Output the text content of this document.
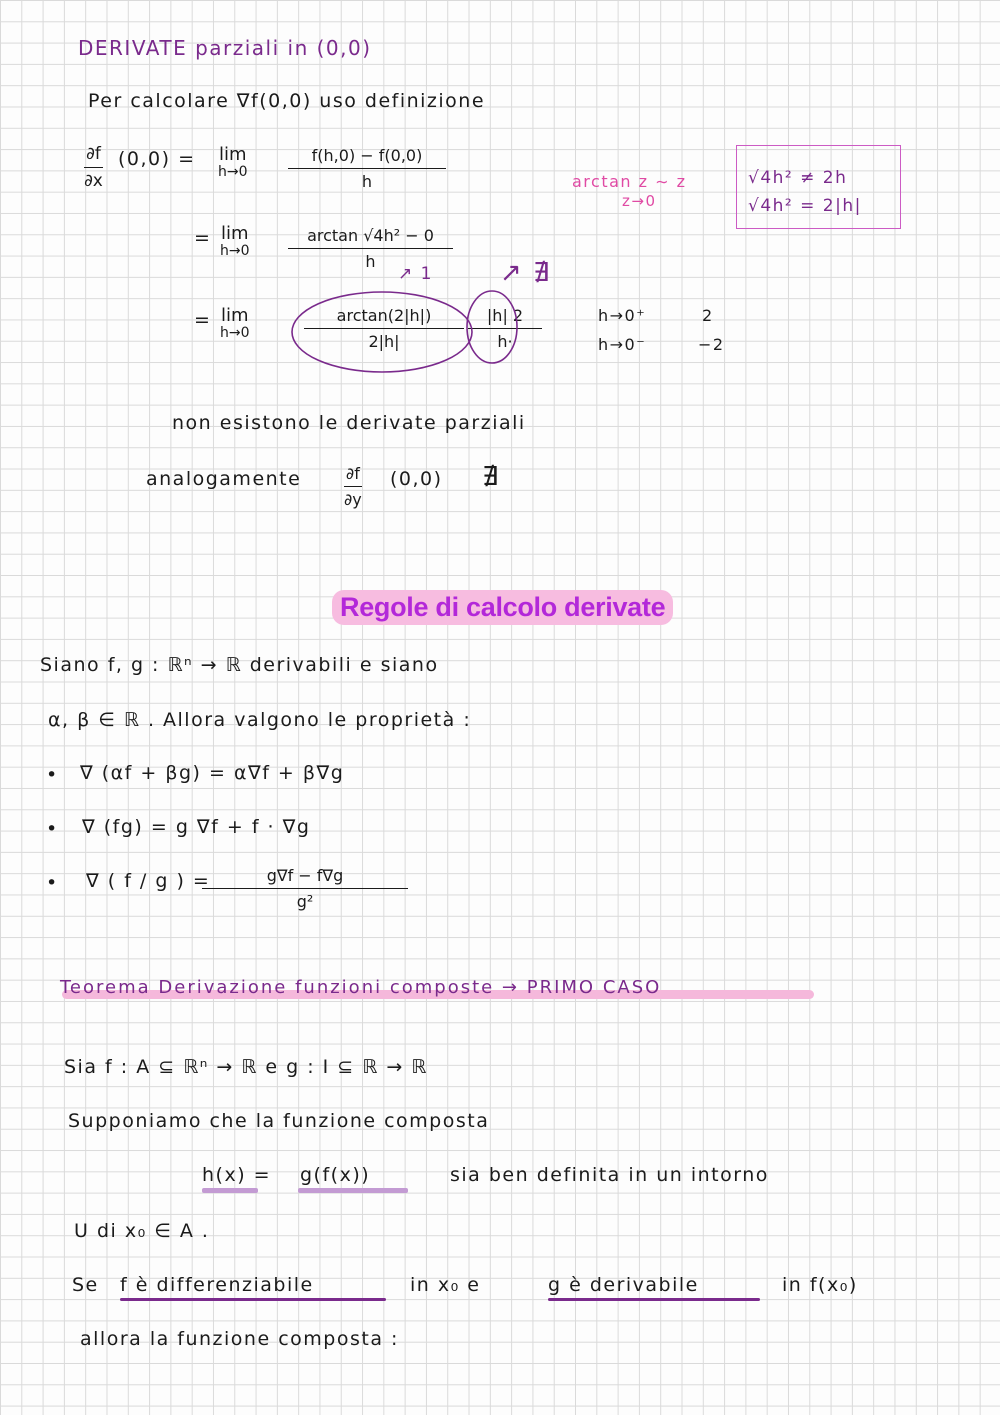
DERIVATE parziali in (0,0)
Per calcolare ∇f(0,0) uso definizione
∂f
∂x
(0,0) = lim
h→0
f(h,0) − f(0,0)
h
= lim
h→0
arctan √4h² − 0
h
= lim
h→0
arctan(2|h|)
2|h|
|h| 2
h·
↗ 1	↗ ∄
arctan z ∼ z
z→0
√4h² ≠ 2h
√4h² = 2|h|
h→0⁺	2
h→0⁻	−2
non esistono le derivate parziali
analogamente	∂f
∂y
(0,0) ∄
Regole di calcolo derivate
Siano f, g : ℝⁿ → ℝ derivabili e siano
α, β ∈ ℝ . Allora valgono le proprietà :
• ∇ (αf + βg) = α∇f + β∇g
• ∇ (fg) = g ∇f + f · ∇g
• ∇ ( f / g ) =	g∇f − f∇g
g²
Teorema Derivazione funzioni composte → PRIMO CASO
Sia f : A ⊆ ℝⁿ → ℝ e g : I ⊆ ℝ → ℝ
Supponiamo che la funzione composta
h(x) = g(f(x))	sia ben definita in un intorno
U di x₀ ∈ A .
Se f è differenziabile	in x₀ e	g è derivabile	in f(x₀)
allora la funzione composta :
